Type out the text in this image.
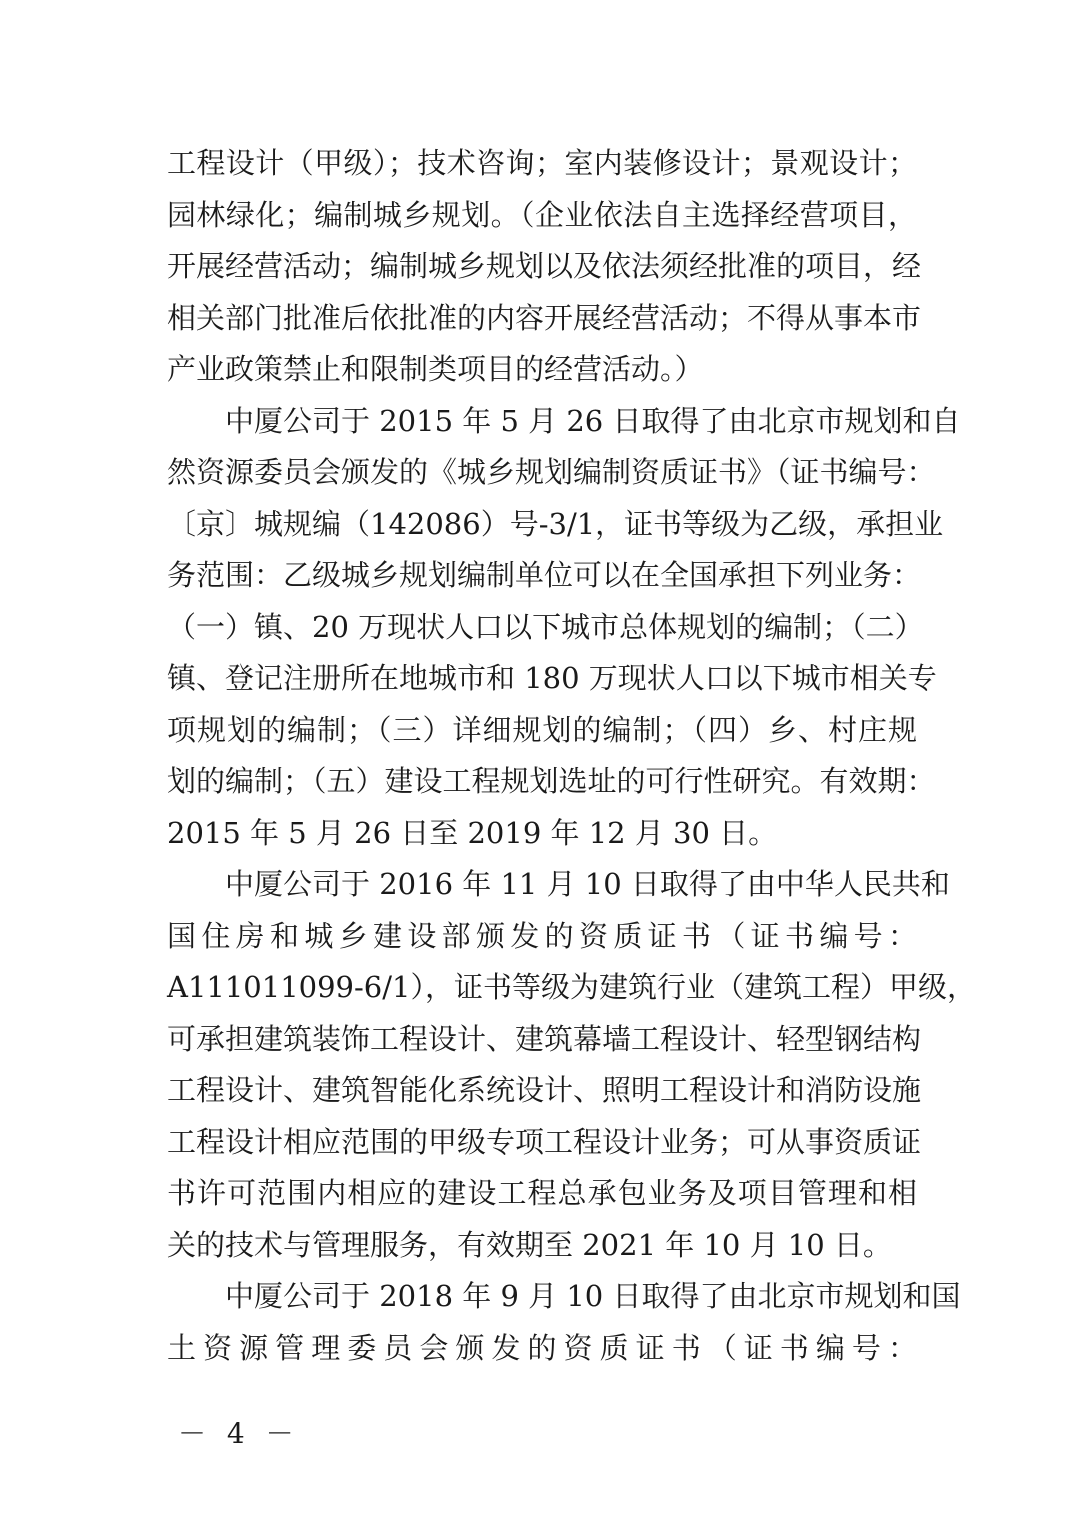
工程设计（甲级）；技术咨询；室内装修设计；景观设计；
园林绿化；编制城乡规划。（企业依法自主选择经营项目，
开展经营活动；编制城乡规划以及依法须经批准的项目，经
相关部门批准后依批准的内容开展经营活动；不得从事本市
产业政策禁止和限制类项目的经营活动。）
中厦公司于 2015 年 5 月 26 日取得了由北京市规划和自
然资源委员会颁发的《城乡规划编制资质证书》（证书编号：
〔京〕城规编（142086）号-3/1，证书等级为乙级，承担业
务范围：乙级城乡规划编制单位可以在全国承担下列业务：
（一）镇、20 万现状人口以下城市总体规划的编制；（二）
镇、登记注册所在地城市和 180 万现状人口以下城市相关专
项规划的编制；（三）详细规划的编制；（四）乡、村庄规
划的编制；（五）建设工程规划选址的可行性研究。有效期：
2015 年 5 月 26 日至 2019 年 12 月 30 日。
中厦公司于 2016 年 11 月 10 日取得了由中华人民共和
国住房和城乡建设部颁发的资质证书（证书编号：
A111011099-6/1），证书等级为建筑行业（建筑工程）甲级，
可承担建筑装饰工程设计、建筑幕墙工程设计、轻型钢结构
工程设计、建筑智能化系统设计、照明工程设计和消防设施
工程设计相应范围的甲级专项工程设计业务；可从事资质证
书许可范围内相应的建设工程总承包业务及项目管理和相
关的技术与管理服务，有效期至 2021 年 10 月 10 日。
中厦公司于 2018 年 9 月 10 日取得了由北京市规划和国
土资源管理委员会颁发的资质证书（证书编号：
－ 4 －
